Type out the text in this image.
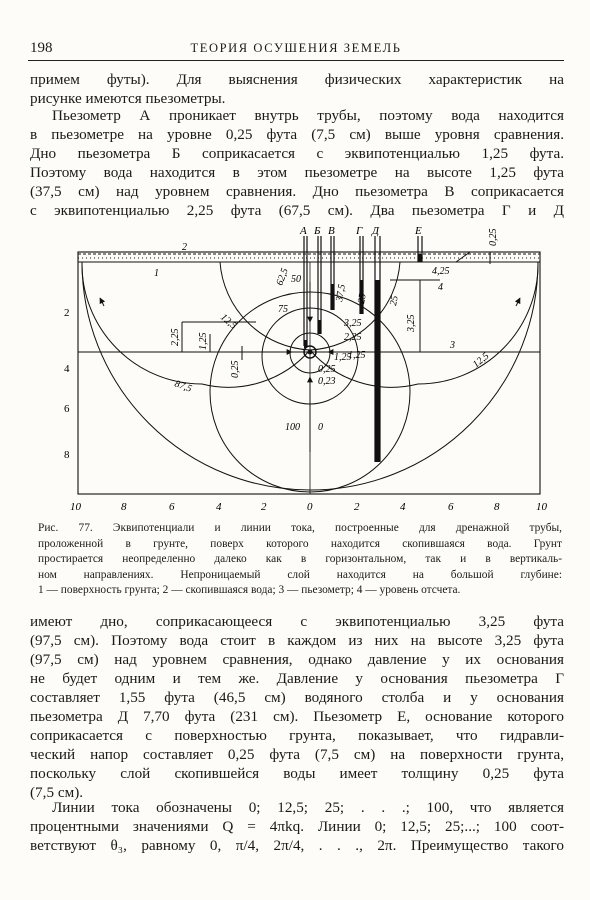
198	ТЕОРИЯ ОСУШЕНИЯ ЗЕМЕЛЬ

примем футы). Для выяснения физических характеристик на
рисунке имеются пьезометры.

Пьезометр А проникает внутрь трубы, поэтому вода находится
в пьезометре на уровне 0,25 фута (7,5 см) выше уровня сравнения.
Дно пьезометра Б соприкасается с эквипотенциалью 1,25 фута.
Поэтому вода находится в этом пьезометре на высоте 1,25 фута
(37,5 см) над уровнем сравнения. Дно пьезометра В соприкасается
с эквипотенциалью 2,25 фута (67,5 см). Два пьезометра Г и Д

А Б В Г Д	Е
2
1
3
4
0,25
4,25
62,5 50
37,5 25 25
2,25 1,25
3,25	3,25
2,25
0,25	0,25
0,23
12,5
12,5
87,5
100 0
1,25
75
1,25
2
4
6
8
10	8	6	4	2	0	2	4	6	8	10
Рис. 77. Эквипотенциали и линии тока, построенные для дренажной трубы,
проложенной в грунте, поверх которого находится скопившаяся вода. Грунт
простирается неопределенно далеко как в горизонтальном, так и в вертикаль-
ном направлениях. Непроницаемый слой находится на большой глубине:
1 — поверхность грунта; 2 — скопившаяся вода; 3 — пьезометр; 4 — уровень отсчета.

имеют дно, соприкасающееся с эквипотенциалью 3,25 фута
(97,5 см). Поэтому вода стоит в каждом из них на высоте 3,25 фута
(97,5 см) над уровнем сравнения, однако давление у их основания
не будет одним и тем же. Давление у основания пьезометра Г
составляет 1,55 фута (46,5 см) водяного столба и у основания
пьезометра Д 7,70 фута (231 см). Пьезометр Е, основание которого
соприкасается с поверхностью грунта, показывает, что гидравли-
ческий напор составляет 0,25 фута (7,5 см) на поверхности грунта,
поскольку слой скопившейся воды имеет толщину 0,25 фута
(7,5 см).

Линии тока обозначены 0; 12,5; 25; . . .; 100, что является
процентными значениями Q = 4πkq. Линии 0; 12,5; 25;...; 100 соот-
ветствуют θ₃, равному 0, π/4, 2π/4, . . ., 2π. Преимущество такого
